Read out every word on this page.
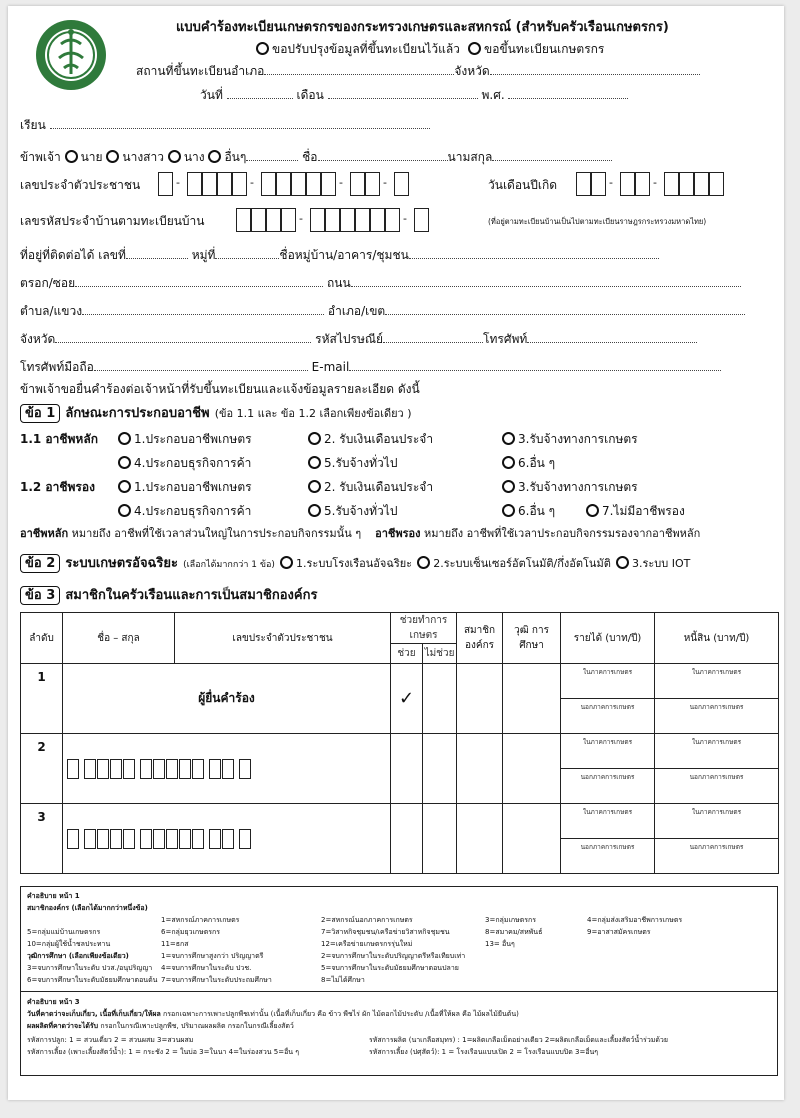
แบบคำร้องทะเบียนเกษตรกรของกระทรวงเกษตรและสหกรณ์ (สำหรับครัวเรือนเกษตรกร)
ขอปรับปรุงข้อมูลที่ขึ้นทะเบียนไว้แล้ว	ขอขึ้นทะเบียนเกษตรกร
สถานที่ขึ้นทะเบียนอำเภอ	จังหวัด
วันที่	เดือน	พ.ศ.
เรียน
ข้าพเจ้า นาย นางสาว นาง อื่นๆ	ชื่อ	นามสกุล
เลขประจำตัวประชาชน	วันเดือนปีเกิด
เลขรหัสประจำบ้านตามทะเบียนบ้าน	(ที่อยู่ตามทะเบียนบ้านเป็นไปตามทะเบียนราษฎรกระทรวงมหาดไทย)
ที่อยู่ที่ติดต่อได้ เลขที่	หมู่ที่	ชื่อหมู่บ้าน/อาคาร/ชุมชน
ตรอก/ซอย	ถนน
ตำบล/แขวง	อำเภอ/เขต
จังหวัด	รหัสไปรษณีย์	โทรศัพท์
โทรศัพท์มือถือ	E-mail
ข้าพเจ้าขอยื่นคำร้องต่อเจ้าหน้าที่รับขึ้นทะเบียนและแจ้งข้อมูลรายละเอียด ดังนี้
ข้อ 1 ลักษณะการประกอบอาชีพ (ข้อ 1.1 และ ข้อ 1.2 เลือกเพียงข้อเดียว )
1.1 อาชีพหลัก
1.2 อาชีพรอง
อาชีพหลัก หมายถึง อาชีพที่ใช้เวลาส่วนใหญ่ในการประกอบกิจกรรมนั้น ๆ อาชีพรอง หมายถึง อาชีพที่ใช้เวลาประกอบกิจกรรมรองจากอาชีพหลัก
ข้อ 2 ระบบเกษตรอัจฉริยะ (เลือกได้มากกว่า 1 ข้อ) 1.ระบบโรงเรือนอัจฉริยะ 2.ระบบเซ็นเซอร์อัตโนมัติ/กึ่งอัตโนมัติ 3.ระบบ IOT
ข้อ 3 สมาชิกในครัวเรือนและการเป็นสมาชิกองค์กร
ลำดับ	ชื่อ – สกุล	เลขประจำตัวประชาชน	ช่วยทำการเกษตร		สมาชิก องค์กร	วุฒิ การศึกษา	รายได้ (บาท/ปี)	หนี้สิน (บาท/ปี)
			ช่วย	ไม่ช่วย				
1	ผู้ยื่นคำร้อง		✓				ในภาคการเกษตร	ในภาคการเกษตร
							นอกภาคการเกษตร	นอกภาคการเกษตร
2							ในภาคการเกษตร	ในภาคการเกษตร
							นอกภาคการเกษตร	นอกภาคการเกษตร
3							ในภาคการเกษตร	ในภาคการเกษตร
							นอกภาคการเกษตร	นอกภาคการเกษตร
คำอธิบาย หน้า 1
สมาชิกองค์กร (เลือกได้มากกว่าหนึ่งข้อ)
วุฒิการศึกษา (เลือกเพียงข้อเดียว)
คำอธิบาย หน้า 3
วันที่คาดว่าจะเก็บเกี่ยว, เนื้อที่เก็บเกี่ยว/ให้ผล กรอกเฉพาะการเพาะปลูกพืชเท่านั้น (เนื้อที่เก็บเกี่ยว คือ ข้าว พืชไร่ ผัก ไม้ดอกไม้ประดับ /เนื้อที่ให้ผล คือ ไม้ผลไม้ยืนต้น)
ผลผลิตที่คาดว่าจะได้รับ กรอกในกรณีเพาะปลูกพืช, ปริมาณผลผลิต กรอกในกรณีเลี้ยงสัตว์
รหัสการปลูก: 1 = สวนเดี่ยว 2 = สวนผสม 3=สวนผสม	รหัสการผลิต (นาเกลือสมุทร) : 1=ผลิตเกลือเม็ดอย่างเดียว 2=ผลิตเกลือเม็ดและเลี้ยงสัตว์น้ำร่วมด้วย
รหัสการเลี้ยง (เพาะเลี้ยงสัตว์น้ำ): 1 = กระชัง 2 = ในบ่อ 3=ในนา 4=ในร่องสวน 5=อื่น ๆ	รหัสการเลี้ยง (ปศุสัตว์): 1 = โรงเรือนแบบเปิด 2 = โรงเรือนแบบปิด 3=อื่นๆ
1=สหกรณ์ภาคการเกษตร	2=สหกรณ์นอกภาคการเกษตร	3=กลุ่มเกษตรกร	4=กลุ่มส่งเสริมอาชีพการเกษตร
5=กลุ่มแม่บ้านเกษตรกร	6=กลุ่มยุวเกษตรกร	7=วิสาหกิจชุมชน/เครือข่ายวิสาหกิจชุมชน	8=สมาคม/สหพันธ์	9=อาสาสมัครเกษตร
10=กลุ่มผู้ใช้น้ำชลประทาน	11=ธกส	12=เครือข่ายเกษตรกรรุ่นใหม่	13= อื่นๆ
1=จบการศึกษาสูงกว่า ปริญญาตรี	2=จบการศึกษาในระดับปริญญาตรีหรือเทียบเท่า
3=จบการศึกษาในระดับ ปวส./อนุปริญญา 4=จบการศึกษาในระดับ ปวช.	5=จบการศึกษาในระดับมัธยมศึกษาตอนปลาย
6=จบการศึกษาในระดับมัธยมศึกษาตอนต้น 7=จบการศึกษาในระดับประถมศึกษา	8=ไม่ได้ศึกษา
-	-	-	-	-	-
-	-
1.ประกอบอาชีพเกษตร	2. รับเงินเดือนประจำ	3.รับจ้างทางการเกษตร
4.ประกอบธุรกิจการค้า	5.รับจ้างทั่วไป	6.อื่น ๆ
1.ประกอบอาชีพเกษตร	2. รับเงินเดือนประจำ	3.รับจ้างทางการเกษตร
4.ประกอบธุรกิจการค้า	5.รับจ้างทั่วไป	6.อื่น ๆ	7.ไม่มีอาชีพรอง
